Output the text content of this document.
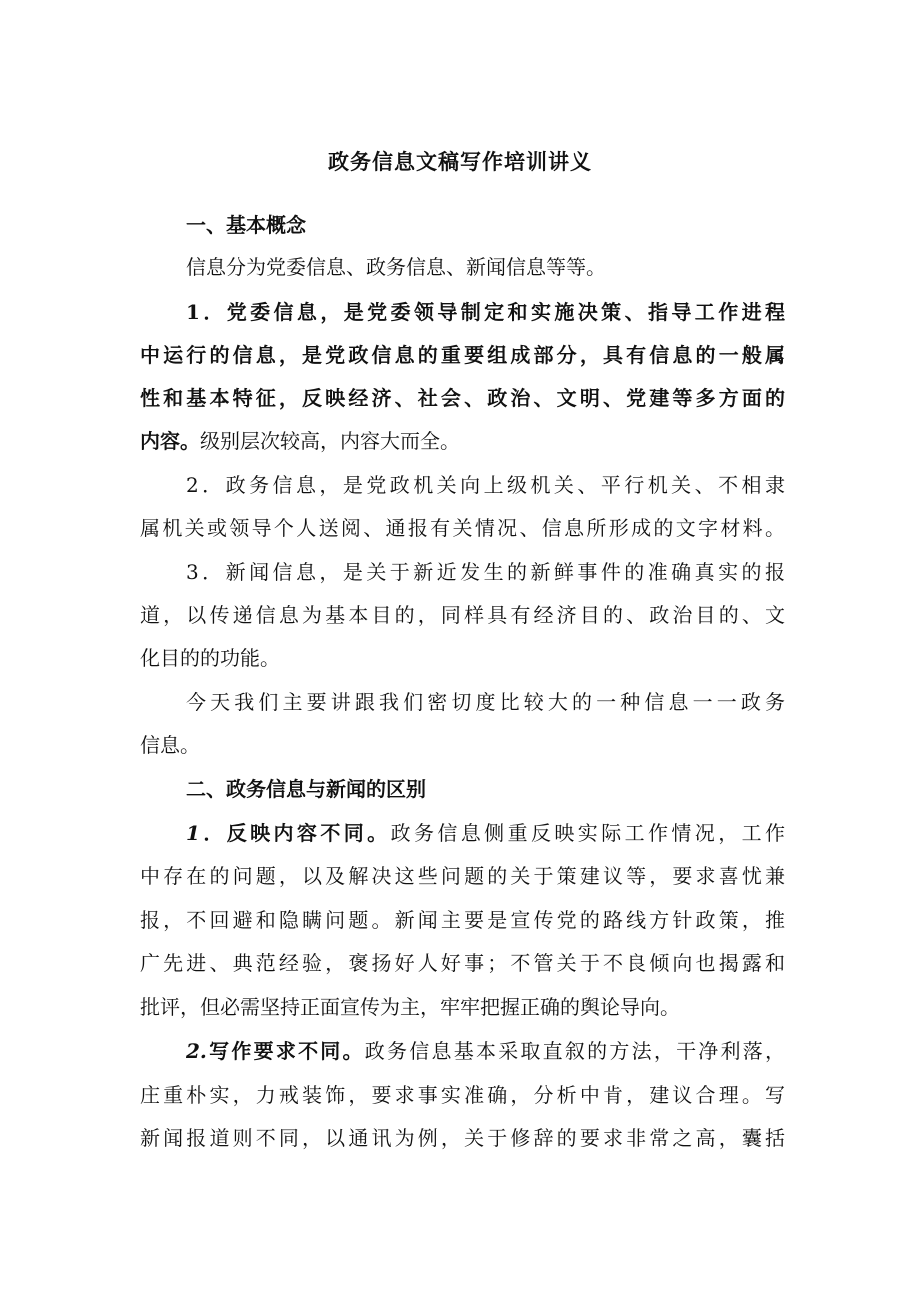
政务信息文稿写作培训讲义
一、基本概念
信息分为党委信息、政务信息、新闻信息等等。
1．党委信息，是党委领导制定和实施决策、指导工作进程
中运行的信息，是党政信息的重要组成部分，具有信息的一般属
性和基本特征，反映经济、社会、政治、文明、党建等多方面的
内容。级别层次较高，内容大而全。
2．政务信息，是党政机关向上级机关、平行机关、不相隶
属机关或领导个人送阅、通报有关情况、信息所形成的文字材料。
3．新闻信息，是关于新近发生的新鲜事件的准确真实的报
道，以传递信息为基本目的，同样具有经济目的、政治目的、文
化目的的功能。
今天我们主要讲跟我们密切度比较大的一种信息一一政务
信息。
二、政务信息与新闻的区别
1．反映内容不同。政务信息侧重反映实际工作情况，工作
中存在的问题，以及解决这些问题的关于策建议等，要求喜忧兼
报，不回避和隐瞒问题。新闻主要是宣传党的路线方针政策，推
广先进、典范经验，褒扬好人好事；不管关于不良倾向也揭露和
批评，但必需坚持正面宣传为主，牢牢把握正确的舆论导向。
2.写作要求不同。政务信息基本采取直叙的方法，干净利落，
庄重朴实，力戒装饰，要求事实准确，分析中肯，建议合理。写
新闻报道则不同，以通讯为例，关于修辞的要求非常之高，囊括
